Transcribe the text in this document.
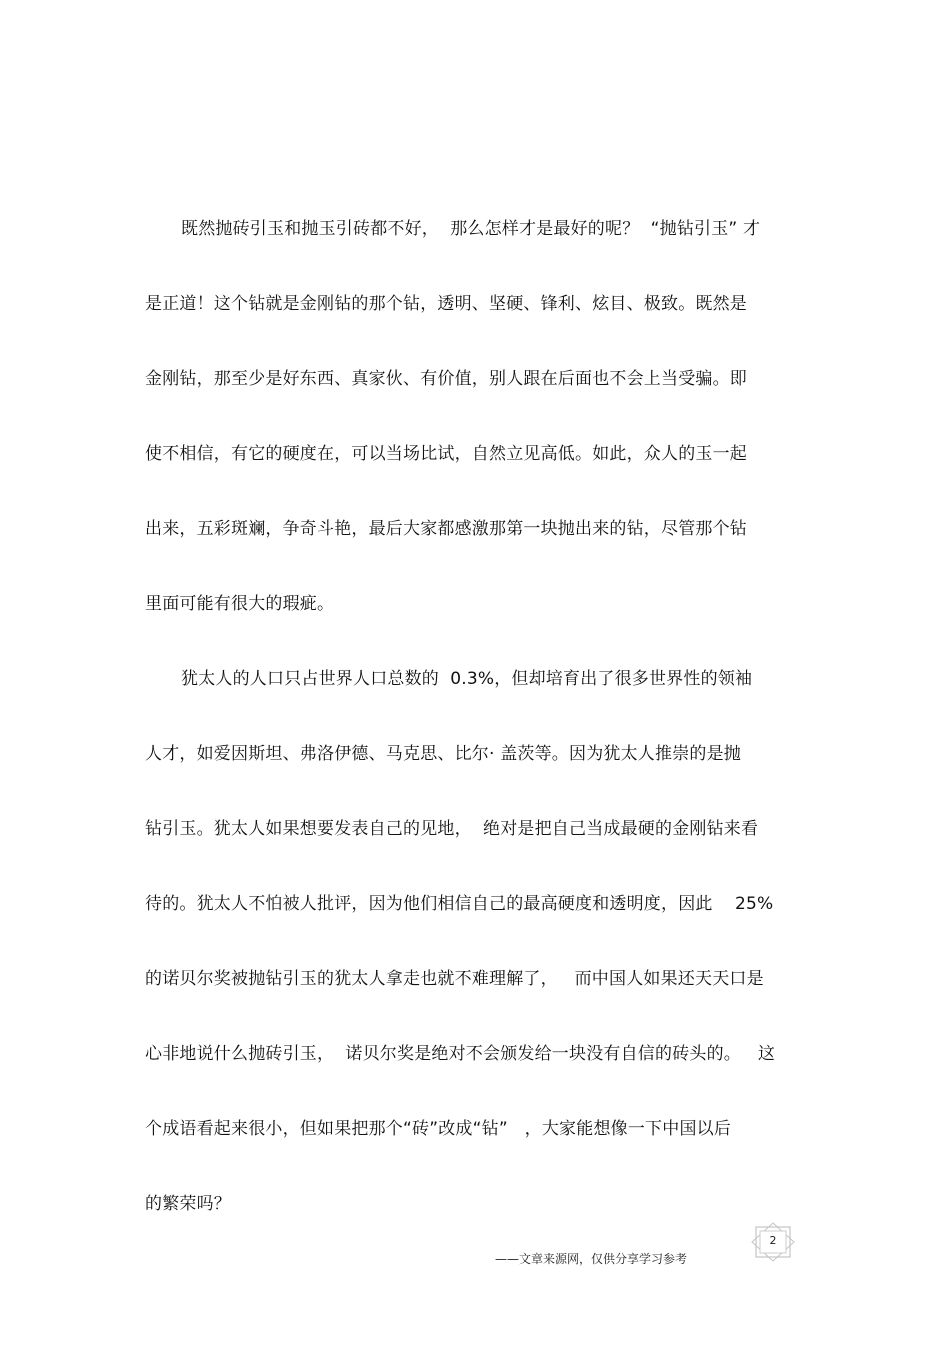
既然抛砖引玉和抛玉引砖都不好，  那么怎样才是最好的呢？  “抛钻引玉” 才
是正道！这个钻就是金刚钻的那个钻，透明、坚硬、锋利、炫目、极致。既然是
金刚钻，那至少是好东西、真家伙、有价值，别人跟在后面也不会上当受骗。即
使不相信，有它的硬度在，可以当场比试，自然立见高低。如此，众人的玉一起
出来，五彩斑斓，争奇斗艳，最后大家都感激那第一块抛出来的钻，尽管那个钻
里面可能有很大的瑕疵。
犹太人的人口只占世界人口总数的  0.3%，但却培育出了很多世界性的领袖
人才，如爱因斯坦、弗洛伊德、马克思、比尔· 盖茨等。因为犹太人推崇的是抛
钻引玉。犹太人如果想要发表自己的见地，  绝对是把自己当成最硬的金刚钻来看
待的。犹太人不怕被人批评，因为他们相信自己的最高硬度和透明度，因此    25%
的诺贝尔奖被抛钻引玉的犹太人拿走也就不难理解了，   而中国人如果还天天口是
心非地说什么抛砖引玉，  诺贝尔奖是绝对不会颁发给一块没有自信的砖头的。   这
个成语看起来很小，但如果把那个“砖”改成“钻”   ，大家能想像一下中国以后
的繁荣吗？
2
——文章来源网，仅供分享学习参考
